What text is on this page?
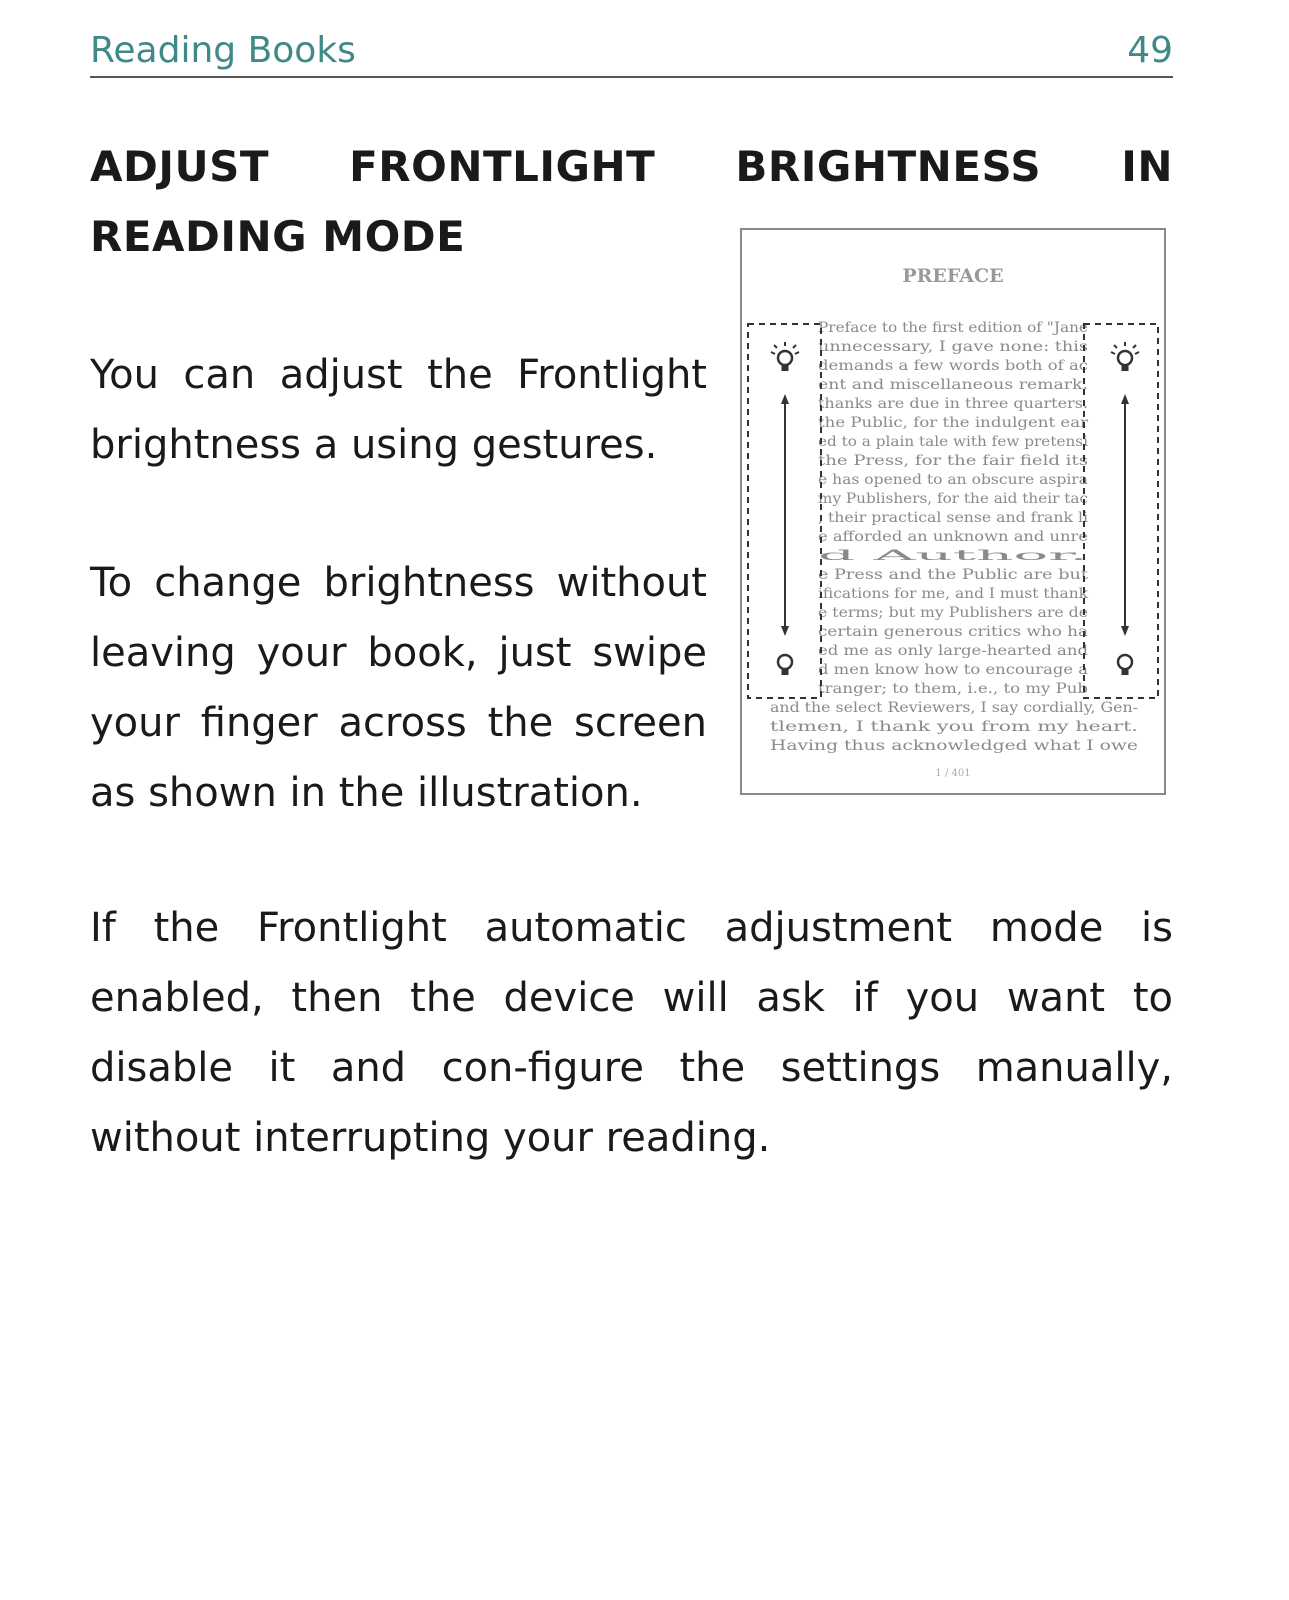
Reading Books	49
ADJUST FRONTLIGHT BRIGHTNESS IN READING MODE
You can adjust the Frontlight brightness a using gestures.
To change brightness without leaving your book, just swipe your finger across the screen as shown in the illustration.
PREFACE
Preface to the first edition of "Jane
unnecessary, I gave none: this
demands a few words both of ac
ent and miscellaneous remark.
thanks are due in three quarters.
the Public, for the indulgent ear
ed to a plain tale with few pretensi
the Press, for the fair field its
e has opened to an obscure aspira
my Publishers, for the aid their tac
, their practical sense and frank li
e afforded an unknown and unre
d Author.
e Press and the Public are but
ifications for me, and I must thank
e terms; but my Publishers are de
certain generous critics who ha
ed me as only large-hearted and
d men know how to encourage a
tranger; to them, i.e., to my Pub
and the select Reviewers, I say cordially, Gen-
tlemen, I thank you from my heart.
Having thus acknowledged what I owe
1 / 401
If the Frontlight automatic adjustment mode is enabled, then the device will ask if you want to disable it and con-figure the settings manually, without interrupting your reading.
